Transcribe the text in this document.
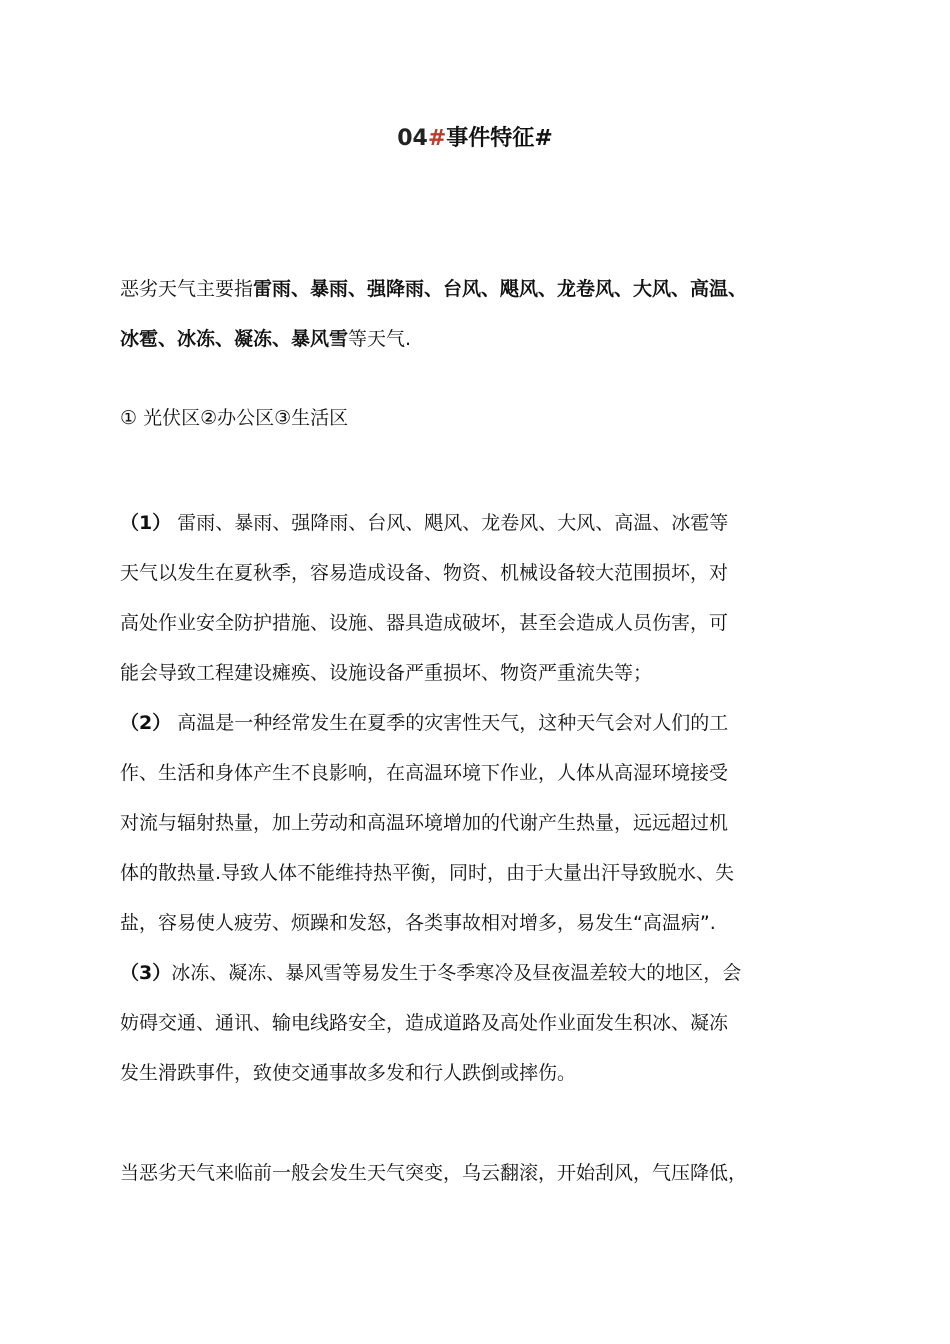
04#事件特征#
恶劣天气主要指雷雨、暴雨、强降雨、台风、飓风、龙卷风、大风、高温、
冰雹、冰冻、凝冻、暴风雪等天气.
① 光伏区②办公区③生活区
（1） 雷雨、暴雨、强降雨、台风、飓风、龙卷风、大风、高温、冰雹等
天气以发生在夏秋季，容易造成设备、物资、机械设备较大范围损坏，对
高处作业安全防护措施、设施、器具造成破坏，甚至会造成人员伤害，可
能会导致工程建设瘫痪、设施设备严重损坏、物资严重流失等；
（2） 高温是一种经常发生在夏季的灾害性天气，这种天气会对人们的工
作、生活和身体产生不良影响，在高温环境下作业，人体从高湿环境接受
对流与辐射热量，加上劳动和高温环境增加的代谢产生热量，远远超过机
体的散热量.导致人体不能维持热平衡，同时，由于大量出汗导致脱水、失
盐，容易使人疲劳、烦躁和发怒，各类事故相对增多，易发生“高温病”.
（3）冰冻、凝冻、暴风雪等易发生于冬季寒冷及昼夜温差较大的地区，会
妨碍交通、通讯、输电线路安全，造成道路及高处作业面发生积冰、凝冻
发生滑跌事件，致使交通事故多发和行人跌倒或摔伤。
当恶劣天气来临前一般会发生天气突变，乌云翻滚，开始刮风，气压降低，
